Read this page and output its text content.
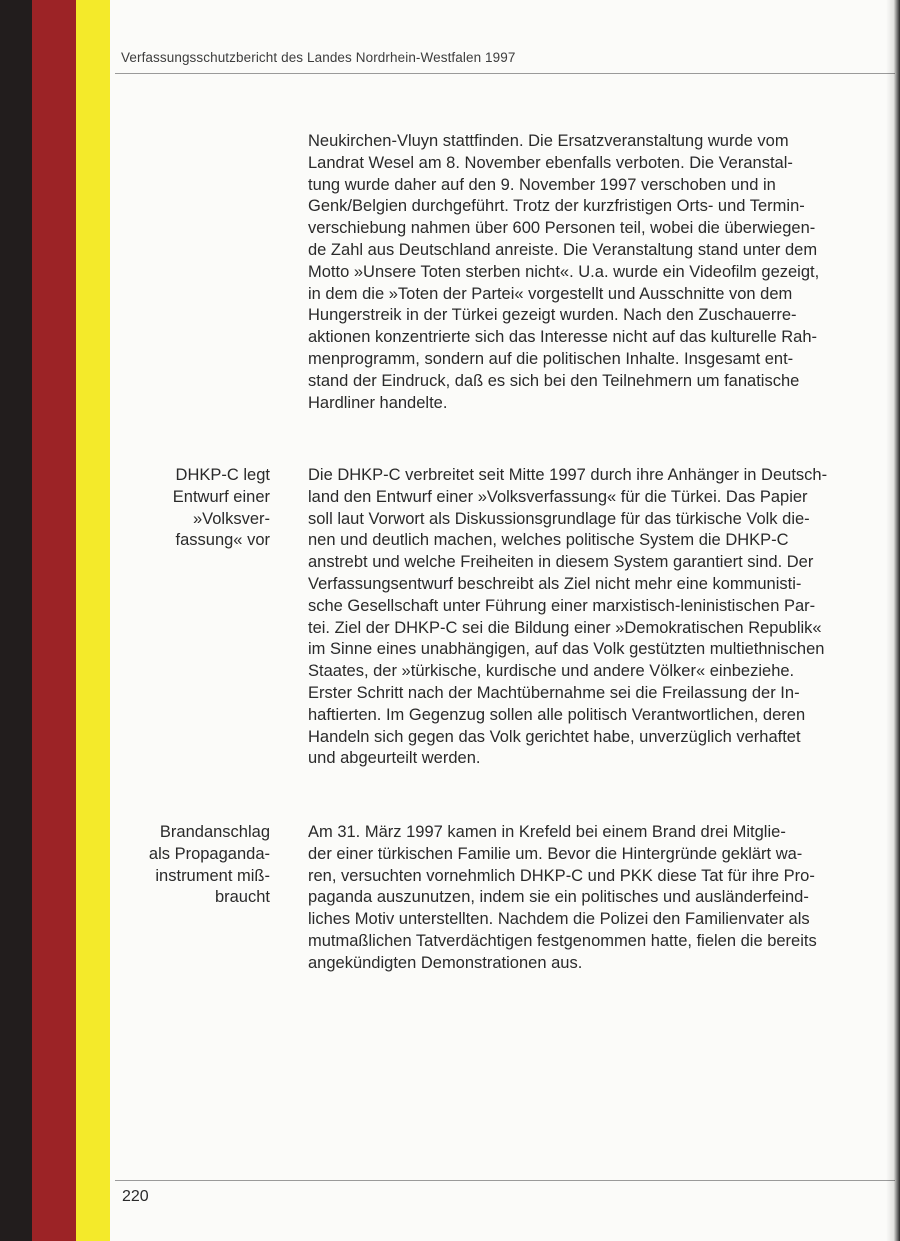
Verfassungsschutzbericht des Landes Nordrhein-Westfalen 1997
DHKP-C legt
Entwurf einer
»Volksver-
fassung« vor
Brandanschlag
als Propaganda-
instrument miß-
braucht
Neukirchen-Vluyn stattfinden. Die Ersatzveranstaltung wurde vom
Landrat Wesel am 8. November ebenfalls verboten. Die Veranstal-
tung wurde daher auf den 9. November 1997 verschoben und in
Genk/Belgien durchgeführt. Trotz der kurzfristigen Orts- und Termin-
verschiebung nahmen über 600 Personen teil, wobei die überwiegen-
de Zahl aus Deutschland anreiste. Die Veranstaltung stand unter dem
Motto »Unsere Toten sterben nicht«. U.a. wurde ein Videofilm gezeigt,
in dem die »Toten der Partei« vorgestellt und Ausschnitte von dem
Hungerstreik in der Türkei gezeigt wurden. Nach den Zuschauerre-
aktionen konzentrierte sich das Interesse nicht auf das kulturelle Rah-
menprogramm, sondern auf die politischen Inhalte. Insgesamt ent-
stand der Eindruck, daß es sich bei den Teilnehmern um fanatische
Hardliner handelte.
Die DHKP-C verbreitet seit Mitte 1997 durch ihre Anhänger in Deutsch-
land den Entwurf einer »Volksverfassung« für die Türkei. Das Papier
soll laut Vorwort als Diskussionsgrundlage für das türkische Volk die-
nen und deutlich machen, welches politische System die DHKP-C
anstrebt und welche Freiheiten in diesem System garantiert sind. Der
Verfassungsentwurf beschreibt als Ziel nicht mehr eine kommunisti-
sche Gesellschaft unter Führung einer marxistisch-leninistischen Par-
tei. Ziel der DHKP-C sei die Bildung einer »Demokratischen Republik«
im Sinne eines unabhängigen, auf das Volk gestützten multiethnischen
Staates, der »türkische, kurdische und andere Völker« einbeziehe.
Erster Schritt nach der Machtübernahme sei die Freilassung der In-
haftierten. Im Gegenzug sollen alle politisch Verantwortlichen, deren
Handeln sich gegen das Volk gerichtet habe, unverzüglich verhaftet
und abgeurteilt werden.
Am 31. März 1997 kamen in Krefeld bei einem Brand drei Mitglie-
der einer türkischen Familie um. Bevor die Hintergründe geklärt wa-
ren, versuchten vornehmlich DHKP-C und PKK diese Tat für ihre Pro-
paganda auszunutzen, indem sie ein politisches und ausländerfeind-
liches Motiv unterstellten. Nachdem die Polizei den Familienvater als
mutmaßlichen Tatverdächtigen festgenommen hatte, fielen die bereits
angekündigten Demonstrationen aus.
220
